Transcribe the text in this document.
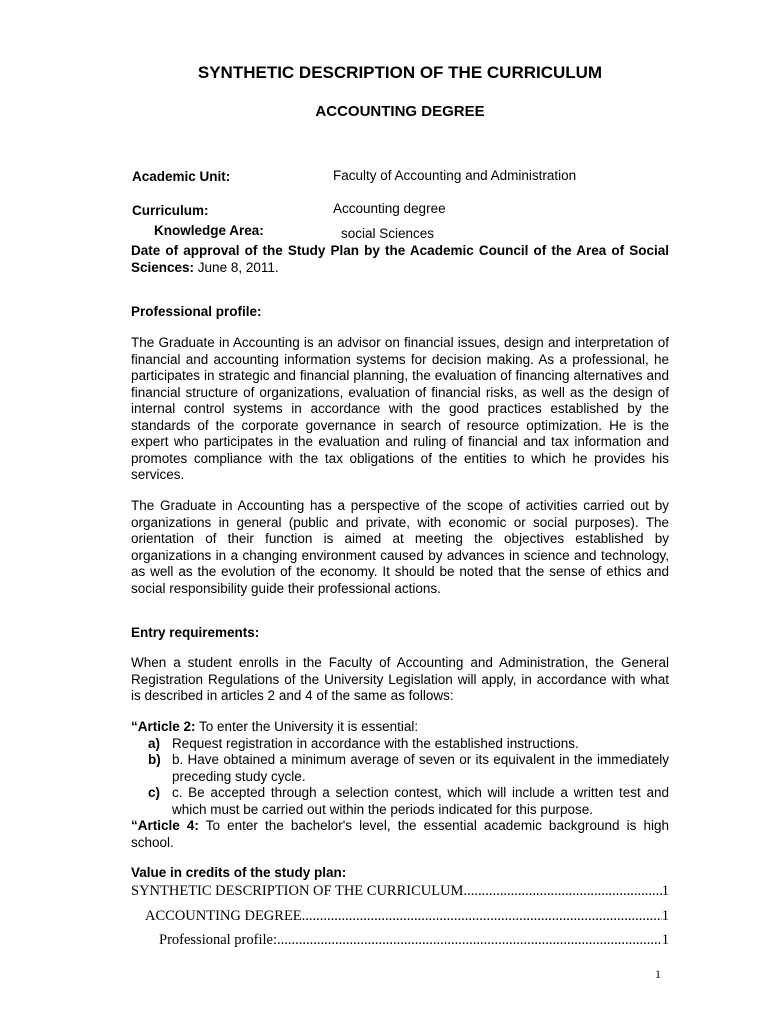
SYNTHETIC DESCRIPTION OF THE CURRICULUM
ACCOUNTING DEGREE
Academic Unit:	Faculty of Accounting and Administration
Curriculum:	Accounting degree
Knowledge Area:	social Sciences

Date of approval of the Study Plan by the Academic Council of the Area of Social Sciences: June 8, 2011.

Professional profile:

The Graduate in Accounting is an advisor on financial issues, design and interpretation of financial and accounting information systems for decision making. As a professional, he participates in strategic and financial planning, the evaluation of financing alternatives and financial structure of organizations, evaluation of financial risks, as well as the design of internal control systems in accordance with the good practices established by the standards of the corporate governance in search of resource optimization. He is the expert who participates in the evaluation and ruling of financial and tax information and promotes compliance with the tax obligations of the entities to which he provides his services.

The Graduate in Accounting has a perspective of the scope of activities carried out by organizations in general (public and private, with economic or social purposes). The orientation of their function is aimed at meeting the objectives established by organizations in a changing environment caused by advances in science and technology, as well as the evolution of the economy. It should be noted that the sense of ethics and social responsibility guide their professional actions.

Entry requirements:

When a student enrolls in the Faculty of Accounting and Administration, the General Registration Regulations of the University Legislation will apply, in accordance with what is described in articles 2 and 4 of the same as follows:

“Article 2: To enter the University it is essential:
a) Request registration in accordance with the established instructions.
b) b. Have obtained a minimum average of seven or its equivalent in the immediately preceding study cycle.
c) c. Be accepted through a selection contest, which will include a written test and which must be carried out within the periods indicated for this purpose.
“Article 4: To enter the bachelor's level, the essential academic background is high school.
Value in credits of the study plan:
SYNTHETIC DESCRIPTION OF THE CURRICULUM .....	1
ACCOUNTING DEGREE .....	1
Professional profile: .....	1
1
